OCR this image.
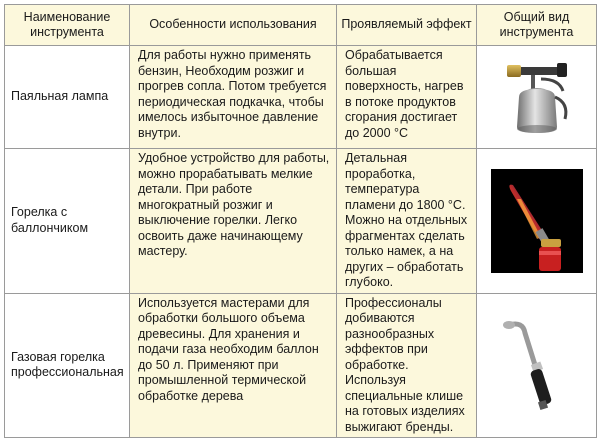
Наименование инструмента	Особенности использования	Проявляемый эффект	Общий вид инструмента
Паяльная лампа	Для работы нужно применять бензин, Необходим розжиг и прогрев сопла. Потом требуется периодическая подкачка, чтобы имелось избыточное давление внутри.	Обрабатывается большая поверхность, нагрев в потоке продуктов сгорания достигает до 2000 °С	

Горелка с баллончиком	Удобное устройство для работы, можно прорабатывать мелкие детали. При работе многократный розжиг и выключение горелки. Легко освоить даже начинающему мастеру.	Детальная проработка, температура пламени до 1800 °С. Можно на отдельных фрагментах сделать только намек, а на других – обработать глубоко.	

Газовая горелка профессиональная	Используется мастерами для обработки большого объема древесины. Для хранения и подачи газа необходим баллон до 50 л. Применяют при промышленной термической обработке дерева	Профессионалы добиваются разнообразных эффектов при обработке. Используя специальные клише на готовых изделиях выжигают бренды.	
